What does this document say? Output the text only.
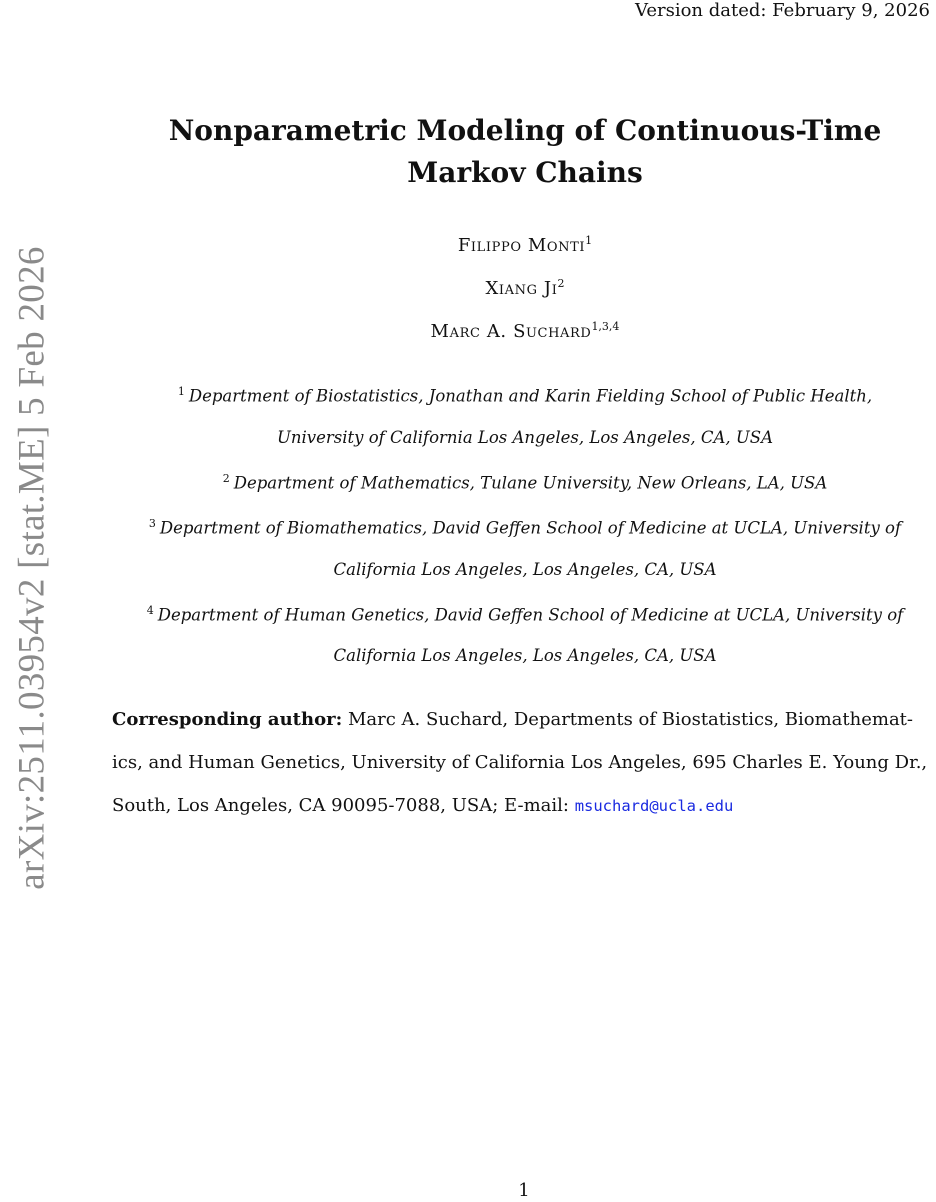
Version dated: February 9, 2026
arXiv:2511.03954v2 [stat.ME] 5 Feb 2026
Nonparametric Modeling of Continuous-Time
Markov Chains
Filippo Monti$^1$
Xiang Ji$^2$
Marc A. Suchard$^{1,3,4}$
$^1$ Department of Biostatistics, Jonathan and Karin Fielding School of Public Health,
University of California Los Angeles, Los Angeles, CA, USA
$^2$ Department of Mathematics, Tulane University, New Orleans, LA, USA
$^3$ Department of Biomathematics, David Geffen School of Medicine at UCLA, University of
California Los Angeles, Los Angeles, CA, USA
$^4$ Department of Human Genetics, David Geffen School of Medicine at UCLA, University of
California Los Angeles, Los Angeles, CA, USA
Corresponding author: Marc A. Suchard, Departments of Biostatistics, Biomathemat-
ics, and Human Genetics, University of California Los Angeles, 695 Charles E. Young Dr.,
South, Los Angeles, CA 90095-7088, USA; E-mail: msuchard@ucla.edu
1
